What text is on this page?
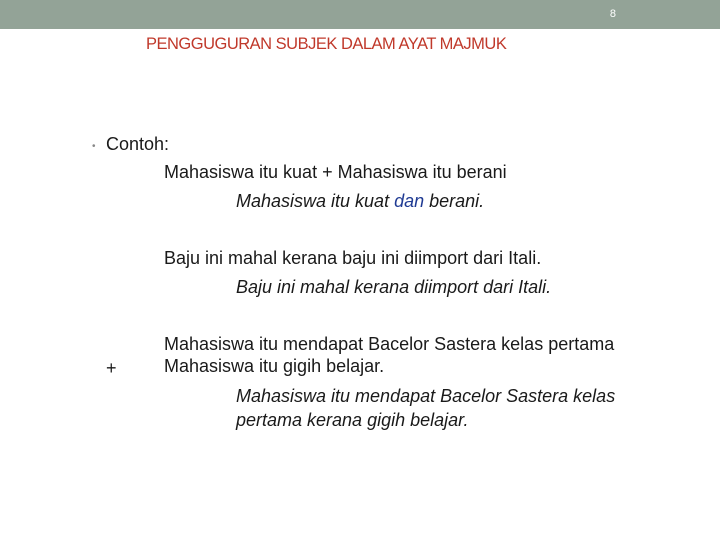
8
PENGGUGURAN SUBJEK DALAM AYAT MAJMUK
• Contoh:
Mahasiswa itu kuat + Mahasiswa itu berani
Mahasiswa itu kuat dan berani.
Baju ini mahal kerana baju ini diimport dari Itali.
Baju ini mahal kerana diimport dari Itali.
+
Mahasiswa itu mendapat Bacelor Sastera kelas pertama
Mahasiswa itu gigih belajar.
Mahasiswa itu mendapat Bacelor Sastera kelas
pertama kerana gigih belajar.
